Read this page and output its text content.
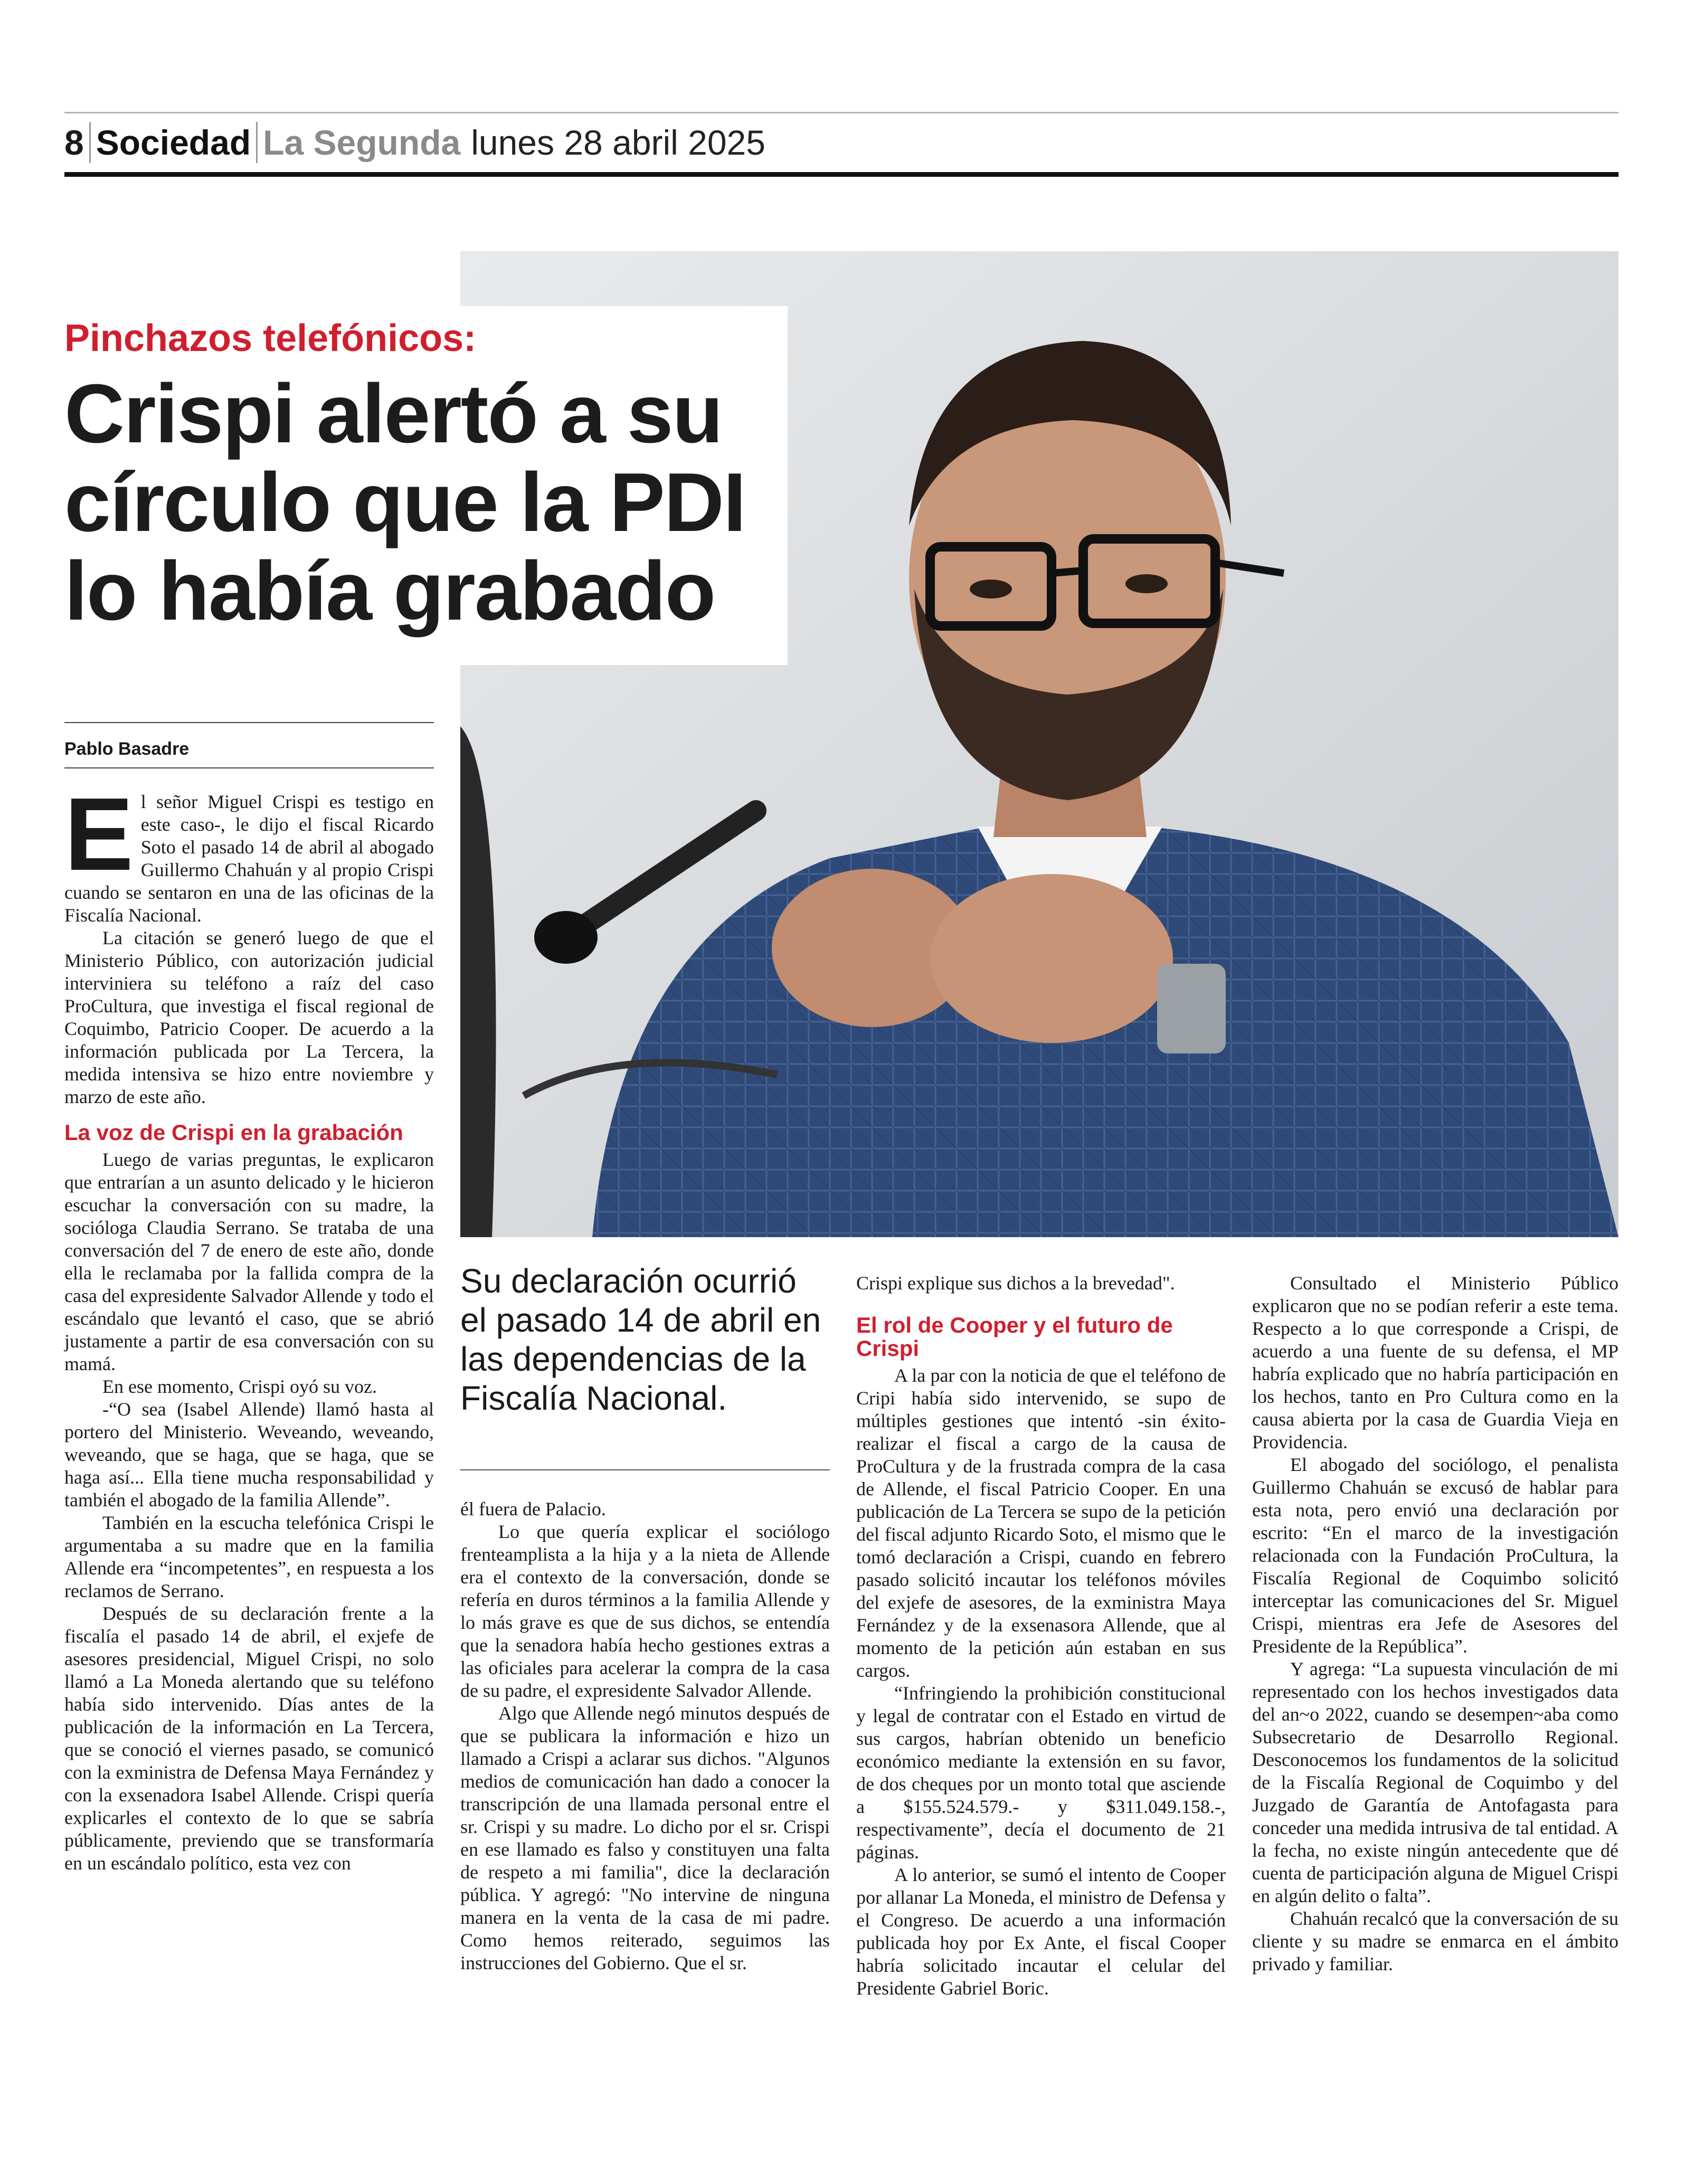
8 Sociedad La Segunda lunes 28 abril 2025
Pinchazos telefónicos:
Crispi alertó a su círculo que la PDI lo había grabado
Pablo Basadre

El señor Miguel Crispi es testigo en este caso-, le dijo el fiscal Ricardo Soto el pasado 14 de abril al abogado Guillermo Chahuán y al propio Crispi cuando se sentaron en una de las oficinas de la Fiscalía Nacional.

La citación se generó luego de que el Ministerio Público, con autorización judicial interviniera su teléfono a raíz del caso ProCultura, que investiga el fiscal regional de Coquimbo, Patricio Cooper. De acuerdo a la información publicada por La Tercera, la medida intensiva se hizo entre noviembre y marzo de este año.

La voz de Crispi en la grabación

Luego de varias preguntas, le explicaron que entrarían a un asunto delicado y le hicieron escuchar la conversación con su madre, la socióloga Claudia Serrano. Se trataba de una conversación del 7 de enero de este año, donde ella le reclamaba por la fallida compra de la casa del expresidente Salvador Allende y todo el escándalo que levantó el caso, que se abrió justamente a partir de esa conversación con su mamá.

En ese momento, Crispi oyó su voz.

-“O sea (Isabel Allende) llamó hasta al portero del Ministerio. Weveando, weveando, weveando, que se haga, que se haga, que se haga así... Ella tiene mucha responsabilidad y también el abogado de la familia Allende”.

También en la escucha telefónica Crispi le argumentaba a su madre que en la familia Allende era “incompetentes”, en respuesta a los reclamos de Serrano.

Después de su declaración frente a la fiscalía el pasado 14 de abril, el exjefe de asesores presidencial, Miguel Crispi, no solo llamó a La Moneda alertando que su teléfono había sido intervenido. Días antes de la publicación de la información en La Tercera, que se conoció el viernes pasado, se comunicó con la exministra de Defensa Maya Fernández y con la exsenadora Isabel Allende. Crispi quería explicarles el contexto de lo que se sabría públicamente, previendo que se transformaría en un escándalo político, esta vez con

Su declaración ocurrió el pasado 14 de abril en las dependencias de la Fiscalía Nacional.

él fuera de Palacio.

Lo que quería explicar el sociólogo frenteamplista a la hija y a la nieta de Allende era el contexto de la conversación, donde se refería en duros términos a la familia Allende y lo más grave es que de sus dichos, se entendía que la senadora había hecho gestiones extras a las oficiales para acelerar la compra de la casa de su padre, el expresidente Salvador Allende.

Algo que Allende negó minutos después de que se publicara la información e hizo un llamado a Crispi a aclarar sus dichos. "Algunos medios de comunicación han dado a conocer la transcripción de una llamada personal entre el sr. Crispi y su madre. Lo dicho por el sr. Crispi en ese llamado es falso y constituyen una falta de respeto a mi familia", dice la declaración pública. Y agregó: "No intervine de ninguna manera en la venta de la casa de mi padre. Como hemos reiterado, seguimos las instrucciones del Gobierno. Que el sr.

Crispi explique sus dichos a la brevedad".

El rol de Cooper y el futuro de Crispi

A la par con la noticia de que el teléfono de Cripi había sido intervenido, se supo de múltiples gestiones que intentó -sin éxito- realizar el fiscal a cargo de la causa de ProCultura y de la frustrada compra de la casa de Allende, el fiscal Patricio Cooper. En una publicación de La Tercera se supo de la petición del fiscal adjunto Ricardo Soto, el mismo que le tomó declaración a Crispi, cuando en febrero pasado solicitó incautar los teléfonos móviles del exjefe de asesores, de la exministra Maya Fernández y de la exsenasora Allende, que al momento de la petición aún estaban en sus cargos.

“Infringiendo la prohibición constitucional y legal de contratar con el Estado en virtud de sus cargos, habrían obtenido un beneficio económico mediante la extensión en su favor, de dos cheques por un monto total que asciende a $155.524.579.- y $311.049.158.-, respectivamente”, decía el documento de 21 páginas.

A lo anterior, se sumó el intento de Cooper por allanar La Moneda, el ministro de Defensa y el Congreso. De acuerdo a una información publicada hoy por Ex Ante, el fiscal Cooper habría solicitado incautar el celular del Presidente Gabriel Boric.

Consultado el Ministerio Público explicaron que no se podían referir a este tema. Respecto a lo que corresponde a Crispi, de acuerdo a una fuente de su defensa, el MP habría explicado que no habría participación en los hechos, tanto en Pro Cultura como en la causa abierta por la casa de Guardia Vieja en Providencia.

El abogado del sociólogo, el penalista Guillermo Chahuán se excusó de hablar para esta nota, pero envió una declaración por escrito: “En el marco de la investigación relacionada con la Fundación ProCultura, la Fiscalía Regional de Coquimbo solicitó interceptar las comunicaciones del Sr. Miguel Crispi, mientras era Jefe de Asesores del Presidente de la República”.

Y agrega: “La supuesta vinculación de mi representado con los hechos investigados data del an~o 2022, cuando se desempen~aba como Subsecretario de Desarrollo Regional. Desconocemos los fundamentos de la solicitud de la Fiscalía Regional de Coquimbo y del Juzgado de Garantía de Antofagasta para conceder una medida intrusiva de tal entidad. A la fecha, no existe ningún antecedente que dé cuenta de participación alguna de Miguel Crispi en algún delito o falta”.

Chahuán recalcó que la conversación de su cliente y su madre se enmarca en el ámbito privado y familiar.
